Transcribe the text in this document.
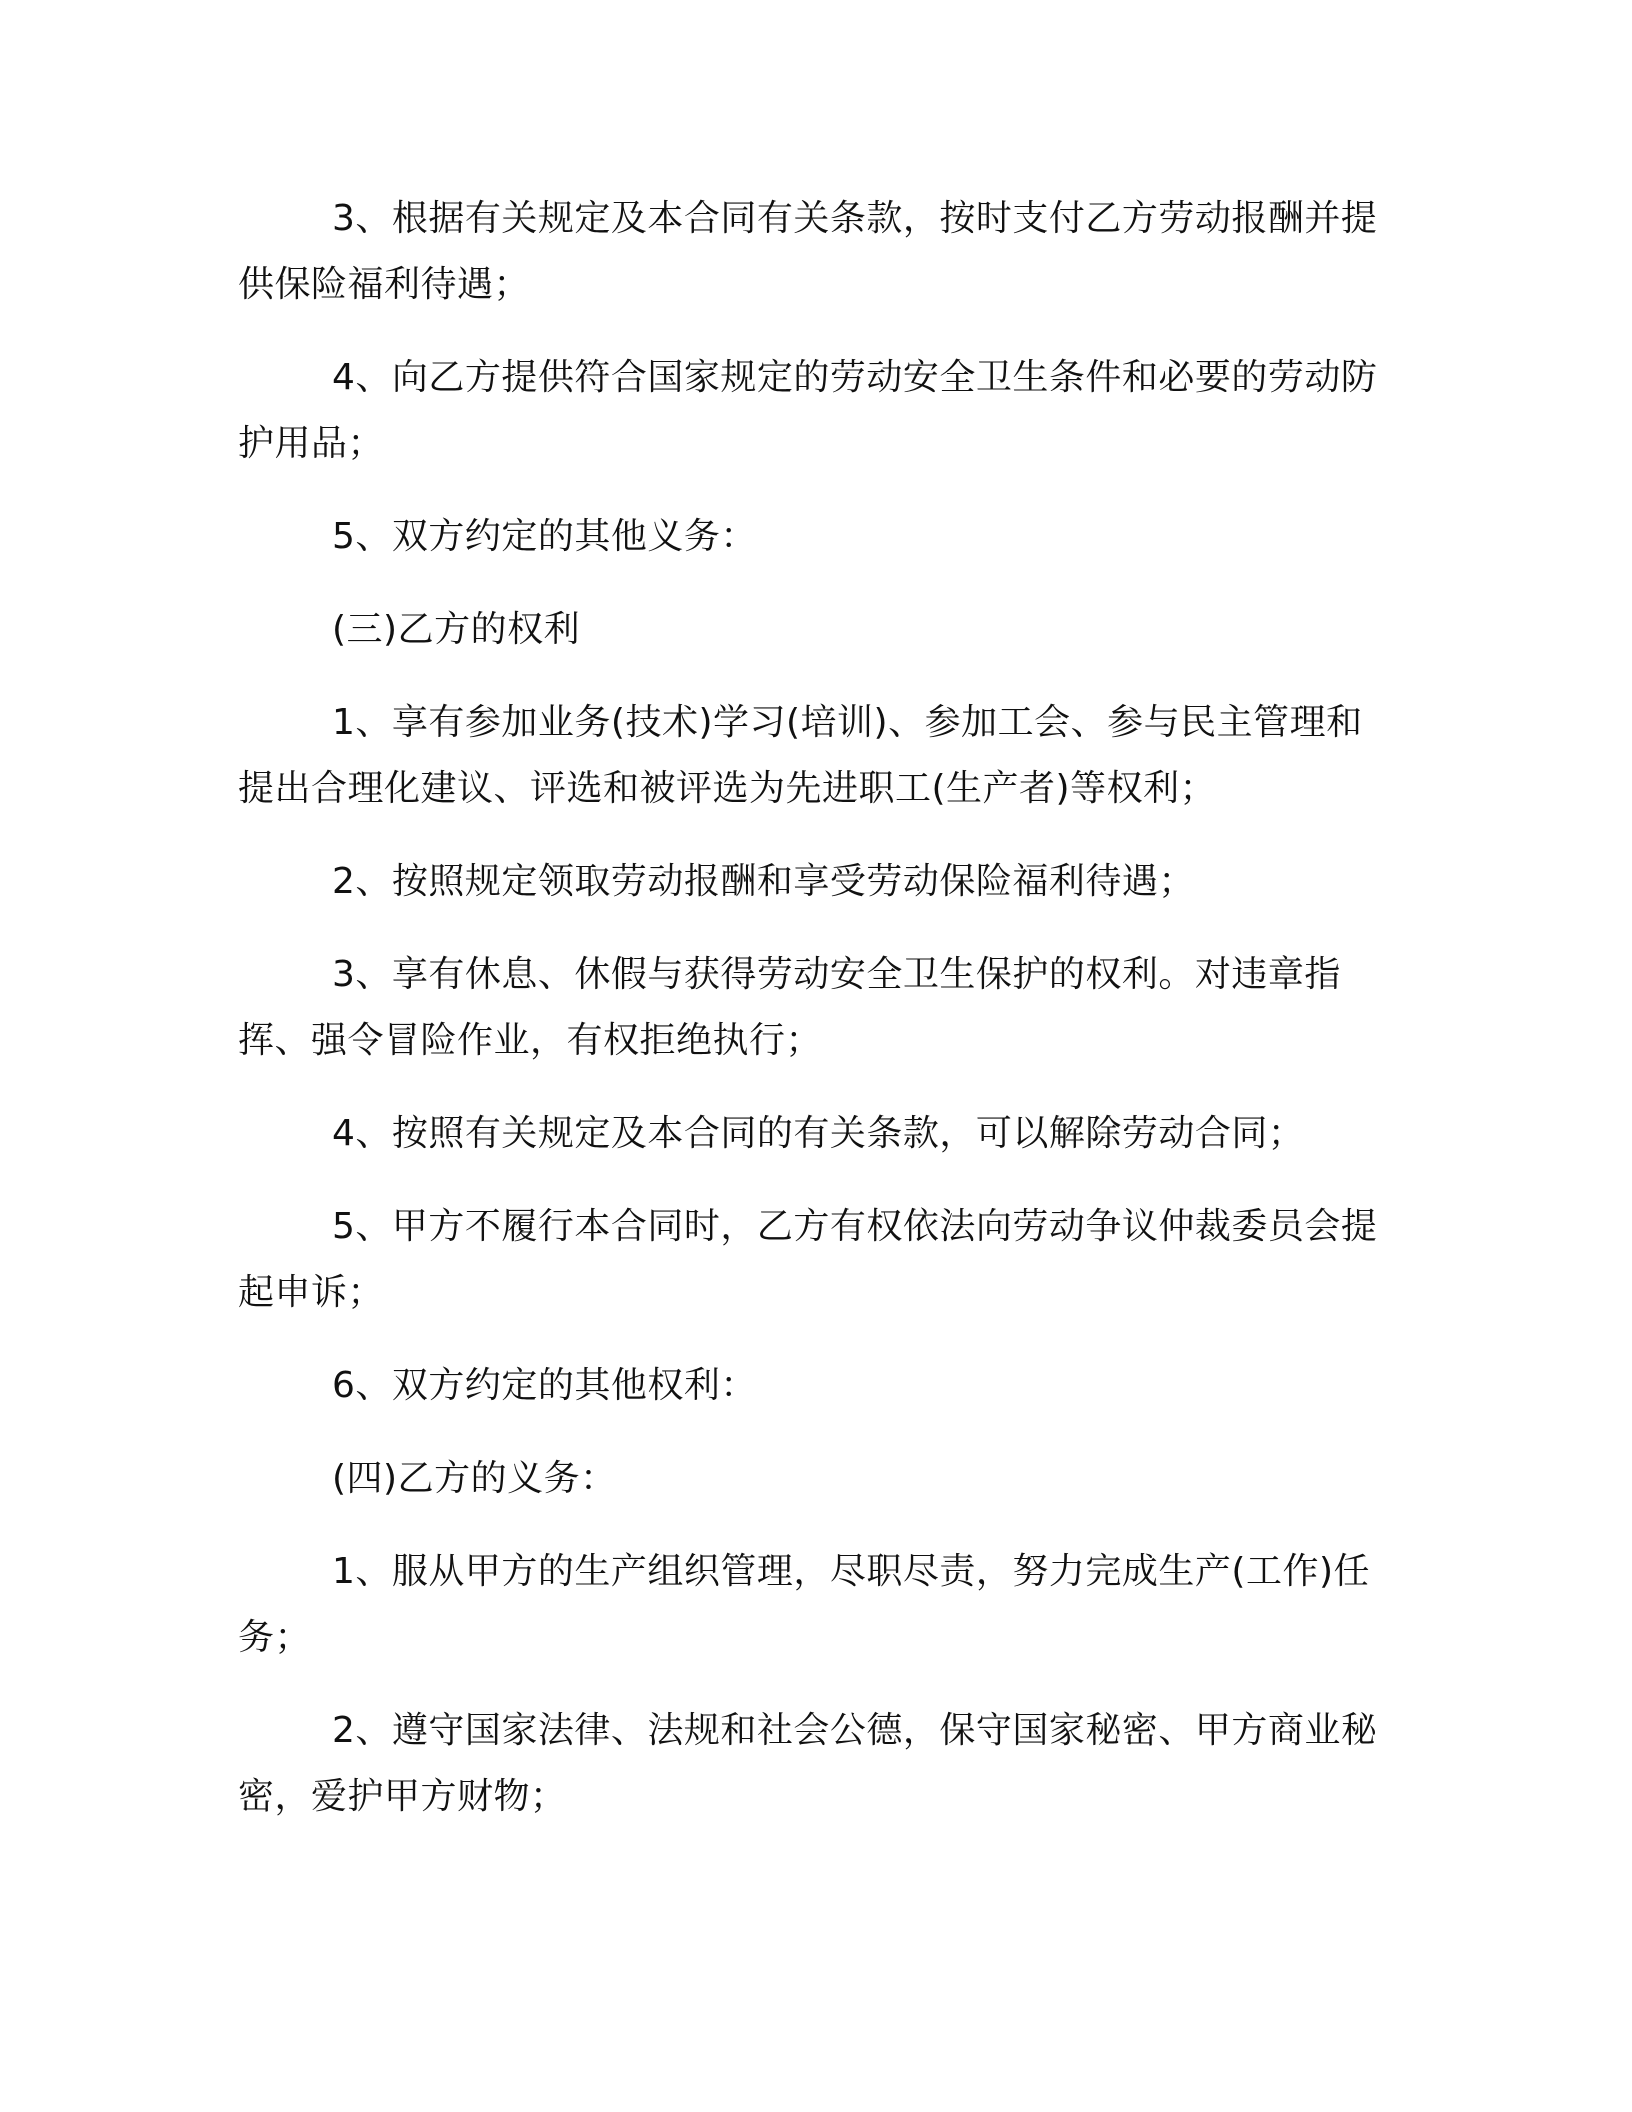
3、根据有关规定及本合同有关条款，按时支付乙方劳动报酬并提供保险福利待遇；

4、向乙方提供符合国家规定的劳动安全卫生条件和必要的劳动防护用品；

5、双方约定的其他义务：

(三)乙方的权利

1、享有参加业务(技术)学习(培训)、参加工会、参与民主管理和提出合理化建议、评选和被评选为先进职工(生产者)等权利；

2、按照规定领取劳动报酬和享受劳动保险福利待遇；

3、享有休息、休假与获得劳动安全卫生保护的权利。对违章指挥、强令冒险作业，有权拒绝执行；

4、按照有关规定及本合同的有关条款，可以解除劳动合同；

5、甲方不履行本合同时，乙方有权依法向劳动争议仲裁委员会提起申诉；

6、双方约定的其他权利：

(四)乙方的义务：

1、服从甲方的生产组织管理，尽职尽责，努力完成生产(工作)任务；

2、遵守国家法律、法规和社会公德，保守国家秘密、甲方商业秘密，爱护甲方财物；
